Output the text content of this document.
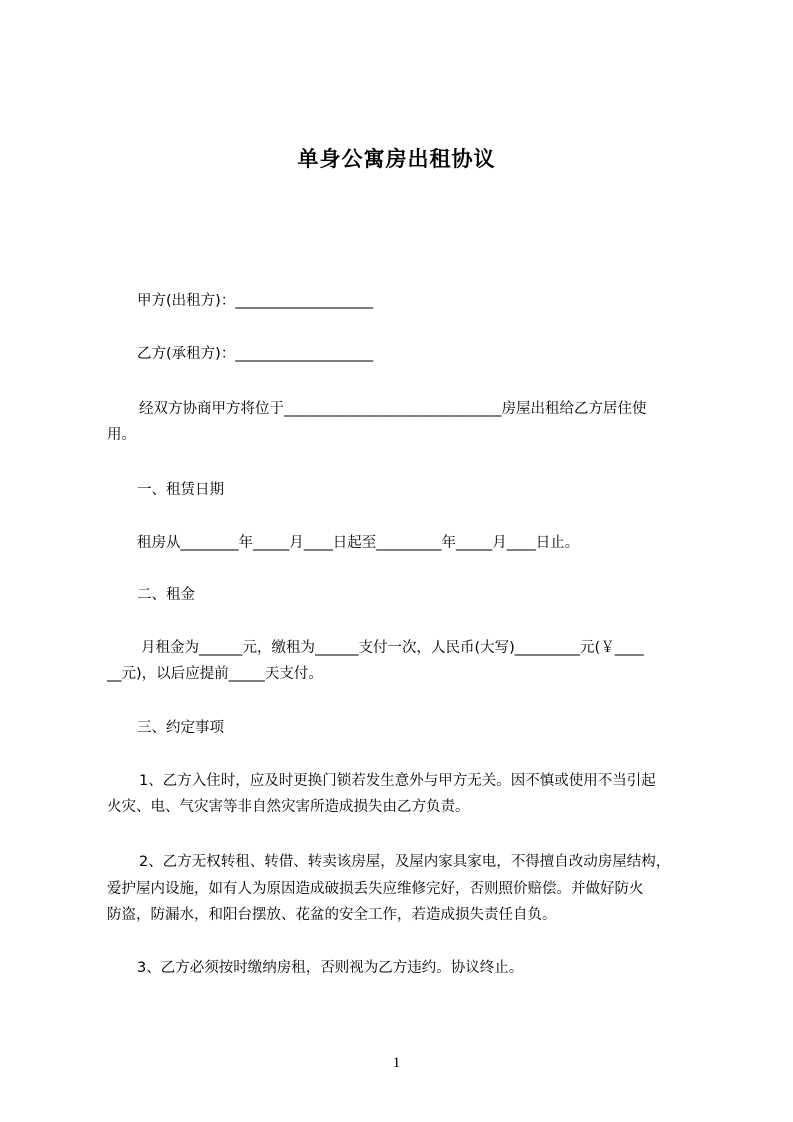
单身公寓房出租协议
甲方(出租方)：___________________
乙方(承租方)：___________________
经双方协商甲方将位于______________________________房屋出租给乙方居住使
用。
一、租赁日期
租房从________年_____月____日起至_________年_____月____日止。
二、租金
月租金为______元，缴租为______支付一次，人民币(大写)_________元(￥____
__元)，以后应提前_____天支付。
三、约定事项
1、乙方入住时，应及时更换门锁若发生意外与甲方无关。因不慎或使用不当引起
火灾、电、气灾害等非自然灾害所造成损失由乙方负责。
2、乙方无权转租、转借、转卖该房屋，及屋内家具家电，不得擅自改动房屋结构，
爱护屋内设施，如有人为原因造成破损丢失应维修完好，否则照价赔偿。并做好防火
防盗，防漏水，和阳台摆放、花盆的安全工作，若造成损失责任自负。
3、乙方必须按时缴纳房租，否则视为乙方违约。协议终止。
1
